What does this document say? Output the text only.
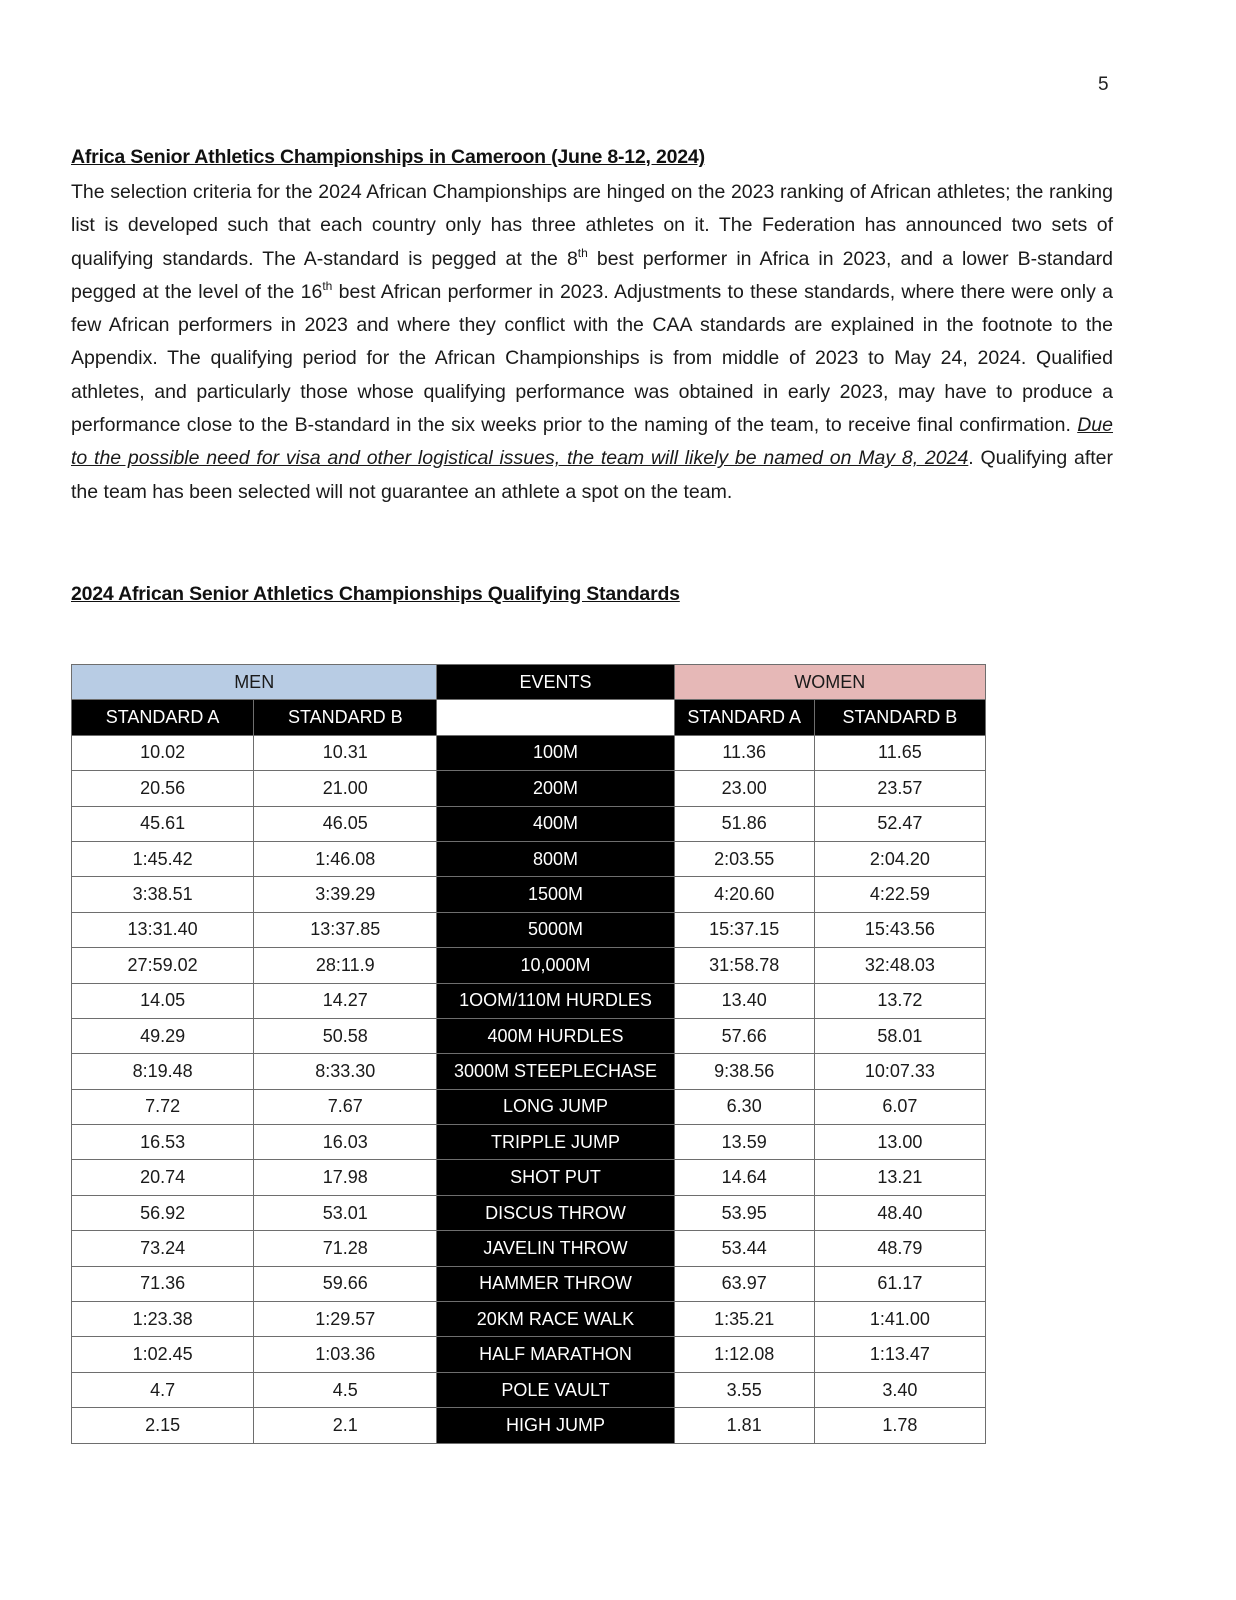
5
Africa Senior Athletics Championships in Cameroon (June 8-12, 2024)
The selection criteria for the 2024 African Championships are hinged on the 2023 ranking of African athletes; the ranking list is developed such that each country only has three athletes on it. The Federation has announced two sets of qualifying standards. The A-standard is pegged at the 8th best performer in Africa in 2023, and a lower B-standard pegged at the level of the 16th best African performer in 2023. Adjustments to these standards, where there were only a few African performers in 2023 and where they conflict with the CAA standards are explained in the footnote to the Appendix. The qualifying period for the African Championships is from middle of 2023 to May 24, 2024. Qualified athletes, and particularly those whose qualifying performance was obtained in early 2023, may have to produce a performance close to the B-standard in the six weeks prior to the naming of the team, to receive final confirmation. Due to the possible need for visa and other logistical issues, the team will likely be named on May 8, 2024. Qualifying after the team has been selected will not guarantee an athlete a spot on the team.
2024 African Senior Athletics Championships Qualifying Standards
MEN		EVENTS	WOMEN	
STANDARD A	STANDARD B		STANDARD A	STANDARD B
10.02	10.31	100M	11.36	11.65
20.56	21.00	200M	23.00	23.57
45.61	46.05	400M	51.86	52.47
1:45.42	1:46.08	800M	2:03.55	2:04.20
3:38.51	3:39.29	1500M	4:20.60	4:22.59
13:31.40	13:37.85	5000M	15:37.15	15:43.56
27:59.02	28:11.9	10,000M	31:58.78	32:48.03
14.05	14.27	1OOM/110M HURDLES	13.40	13.72
49.29	50.58	400M HURDLES	57.66	58.01
8:19.48	8:33.30	3000M STEEPLECHASE	9:38.56	10:07.33
7.72	7.67	LONG JUMP	6.30	6.07
16.53	16.03	TRIPPLE JUMP	13.59	13.00
20.74	17.98	SHOT PUT	14.64	13.21
56.92	53.01	DISCUS THROW	53.95	48.40
73.24	71.28	JAVELIN THROW	53.44	48.79
71.36	59.66	HAMMER THROW	63.97	61.17
1:23.38	1:29.57	20KM RACE WALK	1:35.21	1:41.00
1:02.45	1:03.36	HALF MARATHON	1:12.08	1:13.47
4.7	4.5	POLE VAULT	3.55	3.40
2.15	2.1	HIGH JUMP	1.81	1.78
